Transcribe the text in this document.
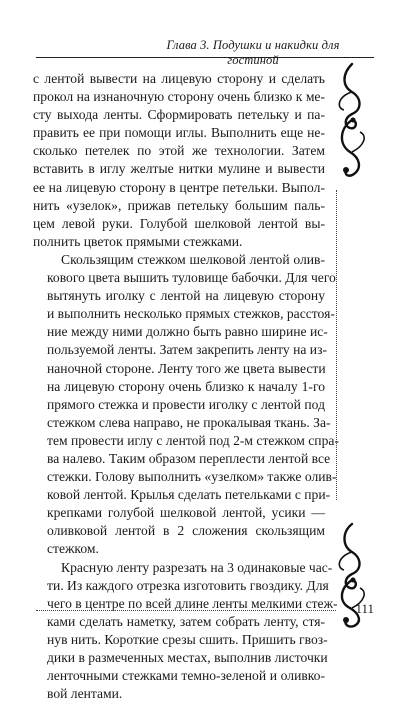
Глава 3. Подушки и накидки для гостиной

с лентой вывести на лицевую сторону и сделать
прокол на изнаночную сторону очень близко к ме-
сту выхода ленты. Сформировать петельку и па-
править ее при помощи иглы. Выполнить еще не-
сколько петелек по этой же технологии. Затем
вставить в иглу желтые нитки мулине и вывести
ее на лицевую сторону в центре петельки. Выпол-
нить «узелок», прижав петельку большим паль-
цем левой руки. Голубой шелковой лентой вы-
полнить цветок прямыми стежками.

Скользящим стежком шелковой лентой олив-
кового цвета вышить туловище бабочки. Для чего
вытянуть иголку с лентой на лицевую сторону
и выполнить несколько прямых стежков, расстоя-
ние между ними должно быть равно ширине ис-
пользуемой ленты. Затем закрепить ленту на из-
наночной стороне. Ленту того же цвета вывести
на лицевую сторону очень близко к началу 1-го
прямого стежка и провести иголку с лентой под
стежком слева направо, не прокалывая ткань. За-
тем провести иглу с лентой под 2-м стежком спра-
ва налево. Таким образом переплести лентой все
стежки. Голову выполнить «узелком» также олив-
ковой лентой. Крылья сделать петельками с при-
крепками голубой шелковой лентой, усики —
оливковой лентой в 2 сложения скользящим
стежком.

Красную ленту разрезать на 3 одинаковые час-
ти. Из каждого отрезка изготовить гвоздику. Для
чего в центре по всей длине ленты мелкими стеж-
ками сделать наметку, затем собрать ленту, стя-
нув нить. Короткие срезы сшить. Пришить гвоз-
дики в размеченных местах, выполнив листочки
ленточными стежками темно-зеленой и оливко-
вой лентами.

111
